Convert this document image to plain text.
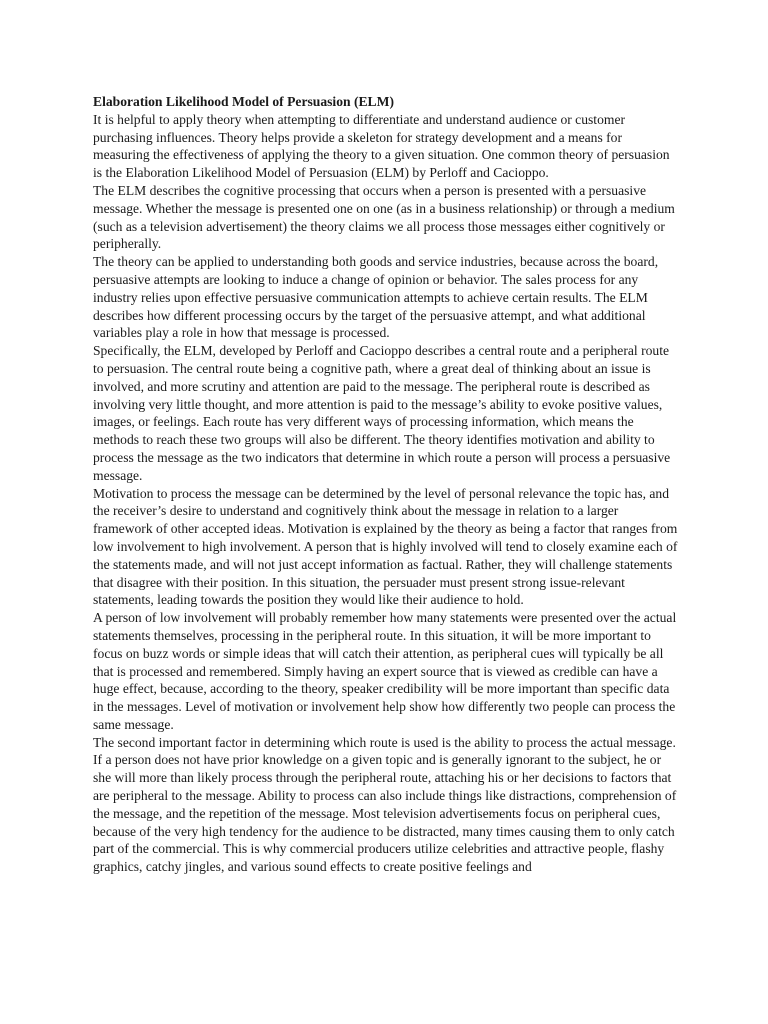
Elaboration Likelihood Model of Persuasion (ELM)

It is helpful to apply theory when attempting to differentiate and understand audience or customer purchasing influences. Theory helps provide a skeleton for strategy development and a means for measuring the effectiveness of applying the theory to a given situation. One common theory of persuasion is the Elaboration Likelihood Model of Persuasion (ELM) by Perloff and Cacioppo.

The ELM describes the cognitive processing that occurs when a person is presented with a persuasive message. Whether the message is presented one on one (as in a business relationship) or through a medium (such as a television advertisement) the theory claims we all process those messages either cognitively or peripherally.

The theory can be applied to understanding both goods and service industries, because across the board, persuasive attempts are looking to induce a change of opinion or behavior. The sales process for any industry relies upon effective persuasive communication attempts to achieve certain results. The ELM describes how different processing occurs by the target of the persuasive attempt, and what additional variables play a role in how that message is processed.

Specifically, the ELM, developed by Perloff and Cacioppo describes a central route and a peripheral route to persuasion. The central route being a cognitive path, where a great deal of thinking about an issue is involved, and more scrutiny and attention are paid to the message. The peripheral route is described as involving very little thought, and more attention is paid to the message’s ability to evoke positive values, images, or feelings. Each route has very different ways of processing information, which means the methods to reach these two groups will also be different. The theory identifies motivation and ability to process the message as the two indicators that determine in which route a person will process a persuasive message.

Motivation to process the message can be determined by the level of personal relevance the topic has, and the receiver’s desire to understand and cognitively think about the message in relation to a larger framework of other accepted ideas. Motivation is explained by the theory as being a factor that ranges from low involvement to high involvement. A person that is highly involved will tend to closely examine each of the statements made, and will not just accept information as factual. Rather, they will challenge statements that disagree with their position. In this situation, the persuader must present strong issue-relevant statements, leading towards the position they would like their audience to hold.

A person of low involvement will probably remember how many statements were presented over the actual statements themselves, processing in the peripheral route. In this situation, it will be more important to focus on buzz words or simple ideas that will catch their attention, as peripheral cues will typically be all that is processed and remembered. Simply having an expert source that is viewed as credible can have a huge effect, because, according to the theory, speaker credibility will be more important than specific data in the messages. Level of motivation or involvement help show how differently two people can process the same message.

The second important factor in determining which route is used is the ability to process the actual message. If a person does not have prior knowledge on a given topic and is generally ignorant to the subject, he or she will more than likely process through the peripheral route, attaching his or her decisions to factors that are peripheral to the message. Ability to process can also include things like distractions, comprehension of the message, and the repetition of the message. Most television advertisements focus on peripheral cues, because of the very high tendency for the audience to be distracted, many times causing them to only catch part of the commercial. This is why commercial producers utilize celebrities and attractive people, flashy graphics, catchy jingles, and various sound effects to create positive feelings and
